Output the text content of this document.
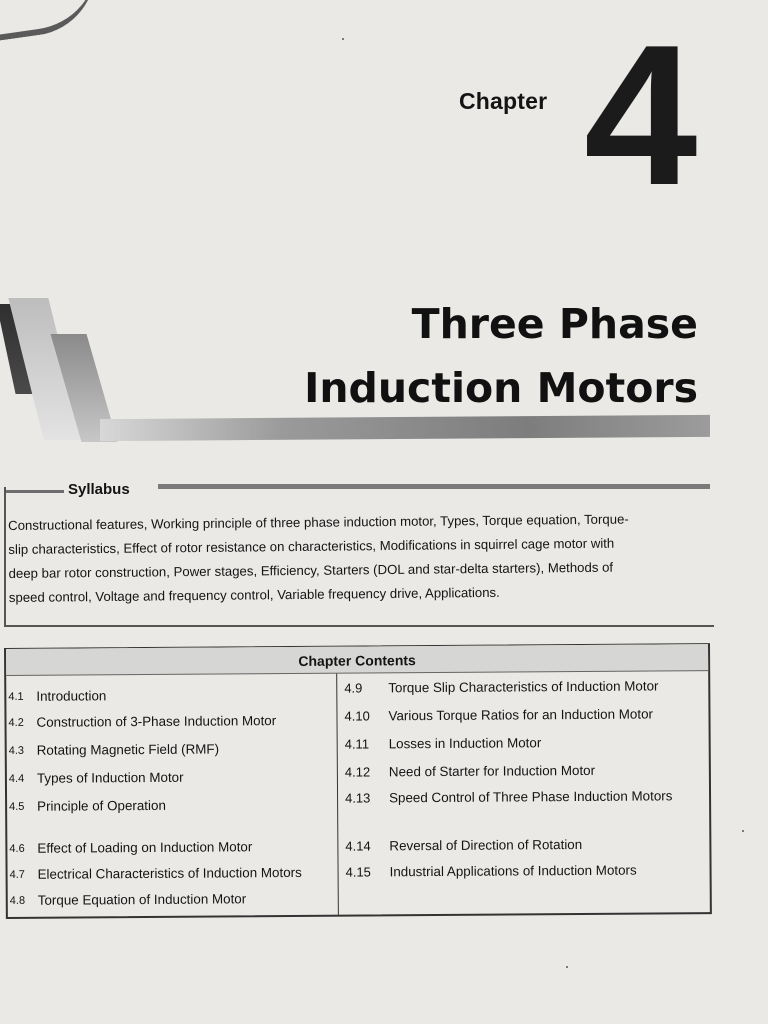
Chapter 4
Three Phase
Induction Motors
Syllabus
Constructional features, Working principle of three phase induction motor, Types, Torque equation, Torque-
slip characteristics, Effect of rotor resistance on characteristics, Modifications in squirrel cage motor with
deep bar rotor construction, Power stages, Efficiency, Starters (DOL and star-delta starters), Methods of
speed control, Voltage and frequency control, Variable frequency drive, Applications.
Chapter Contents
4.1 Introduction
4.2 Construction of 3-Phase Induction Motor
4.3 Rotating Magnetic Field (RMF)
4.4 Types of Induction Motor
4.5 Principle of Operation
4.6 Effect of Loading on Induction Motor
4.7 Electrical Characteristics of Induction Motors
4.8 Torque Equation of Induction Motor
4.9 Torque Slip Characteristics of Induction Motor
4.10 Various Torque Ratios for an Induction Motor
4.11 Losses in Induction Motor
4.12 Need of Starter for Induction Motor
4.13 Speed Control of Three Phase Induction Motors
4.14 Reversal of Direction of Rotation
4.15 Industrial Applications of Induction Motors
